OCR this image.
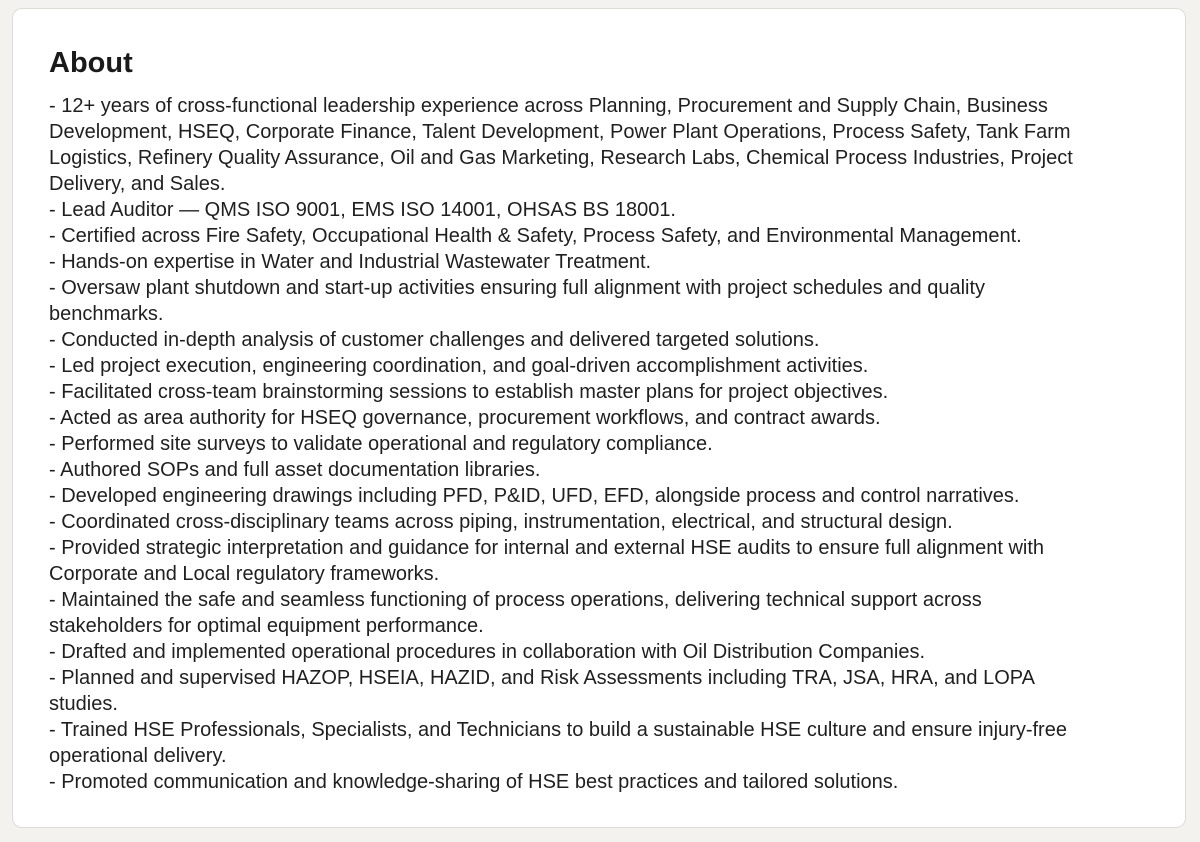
About
- 12+ years of cross-functional leadership experience across Planning, Procurement and Supply Chain, Business
Development, HSEQ, Corporate Finance, Talent Development, Power Plant Operations, Process Safety, Tank Farm
Logistics, Refinery Quality Assurance, Oil and Gas Marketing, Research Labs, Chemical Process Industries, Project
Delivery, and Sales.
- Lead Auditor — QMS ISO 9001, EMS ISO 14001, OHSAS BS 18001.
- Certified across Fire Safety, Occupational Health & Safety, Process Safety, and Environmental Management.
- Hands-on expertise in Water and Industrial Wastewater Treatment.
- Oversaw plant shutdown and start-up activities ensuring full alignment with project schedules and quality
benchmarks.
- Conducted in-depth analysis of customer challenges and delivered targeted solutions.
- Led project execution, engineering coordination, and goal-driven accomplishment activities.
- Facilitated cross-team brainstorming sessions to establish master plans for project objectives.
- Acted as area authority for HSEQ governance, procurement workflows, and contract awards.
- Performed site surveys to validate operational and regulatory compliance.
- Authored SOPs and full asset documentation libraries.
- Developed engineering drawings including PFD, P&ID, UFD, EFD, alongside process and control narratives.
- Coordinated cross-disciplinary teams across piping, instrumentation, electrical, and structural design.
- Provided strategic interpretation and guidance for internal and external HSE audits to ensure full alignment with
Corporate and Local regulatory frameworks.
- Maintained the safe and seamless functioning of process operations, delivering technical support across
stakeholders for optimal equipment performance.
- Drafted and implemented operational procedures in collaboration with Oil Distribution Companies.
- Planned and supervised HAZOP, HSEIA, HAZID, and Risk Assessments including TRA, JSA, HRA, and LOPA
studies.
- Trained HSE Professionals, Specialists, and Technicians to build a sustainable HSE culture and ensure injury-free
operational delivery.
- Promoted communication and knowledge-sharing of HSE best practices and tailored solutions.
